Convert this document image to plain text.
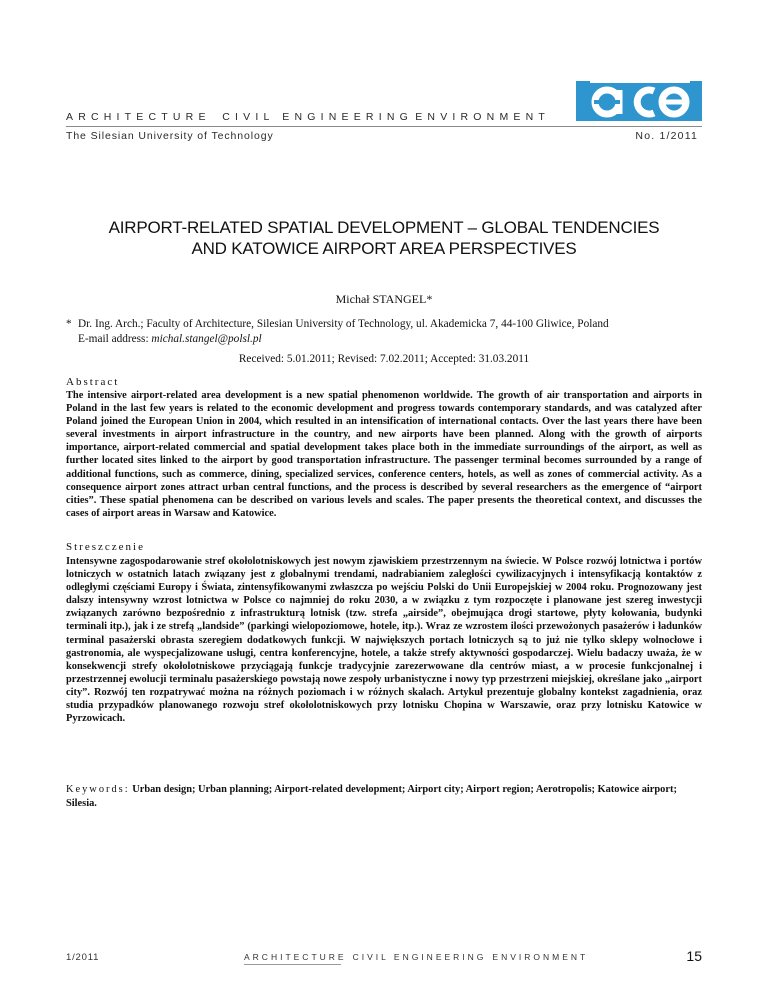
ARCHITECTURE	CIVIL ENGINEERING ENVIRONMENT
The Silesian University of Technology	No. 1/2011
AIRPORT-RELATED SPATIAL DEVELOPMENT – GLOBAL TENDENCIES
AND KATOWICE AIRPORT AREA PERSPECTIVES
Michał STANGEL*
* Dr. Ing. Arch.; Faculty of Architecture, Silesian University of Technology, ul. Akademicka 7, 44-100 Gliwice, Poland
E-mail address: michal.stangel@polsl.pl
Received: 5.01.2011; Revised: 7.02.2011; Accepted: 31.03.2011
Abstract
The intensive airport-related area development is a new spatial phenomenon worldwide. The growth of air transportation and airports in Poland in the last few years is related to the economic development and progress towards contemporary standards, and was catalyzed after Poland joined the European Union in 2004, which resulted in an intensification of international contacts. Over the last years there have been several investments in airport infrastructure in the country, and new airports have been planned. Along with the growth of airports importance, airport-related commercial and spatial development takes place both in the immediate surroundings of the airport, as well as further located sites linked to the airport by good transportation infrastructure. The passenger terminal becomes surrounded by a range of additional functions, such as commerce, dining, specialized services, conference centers, hotels, as well as zones of commercial activity. As a consequence airport zones attract urban central functions, and the process is described by several researchers as the emergence of “airport cities”. These spatial phenomena can be described on various levels and scales. The paper presents the theoretical context, and discusses the cases of airport areas in Warsaw and Katowice.
Streszczenie
Intensywne zagospodarowanie stref okołolotniskowych jest nowym zjawiskiem przestrzennym na świecie. W Polsce rozwój lotnictwa i portów lotniczych w ostatnich latach związany jest z globalnymi trendami, nadrabianiem zaległości cywilizacyjnych i intensyfikacją kontaktów z odległymi częściami Europy i Świata, zintensyfikowanymi zwłaszcza po wejściu Polski do Unii Europejskiej w 2004 roku. Prognozowany jest dalszy intensywny wzrost lotnictwa w Polsce co najmniej do roku 2030, a w związku z tym rozpoczęte i planowane jest szereg inwestycji związanych zarówno bezpośrednio z infrastrukturą lotnisk (tzw. strefa „airside”, obejmująca drogi startowe, płyty kołowania, budynki terminali itp.), jak i ze strefą „landside” (parkingi wielopoziomowe, hotele, itp.). Wraz ze wzrostem ilości przewożonych pasażerów i ładunków terminal pasażerski obrasta szeregiem dodatkowych funkcji. W największych portach lotniczych są to już nie tylko sklepy wolnocłowe i gastronomia, ale wyspecjalizowane usługi, centra konferencyjne, hotele, a także strefy aktywności gospodarczej. Wielu badaczy uważa, że w konsekwencji strefy okołolotniskowe przyciągają funkcje tradycyjnie zarezerwowane dla centrów miast, a w procesie funkcjonalnej i przestrzennej ewolucji terminalu pasażerskiego powstają nowe zespoły urbanistyczne i nowy typ przestrzeni miejskiej, określane jako „airport city”. Rozwój ten rozpatrywać można na różnych poziomach i w różnych skalach. Artykuł prezentuje globalny kontekst zagadnienia, oraz studia przypadków planowanego rozwoju stref okołolotniskowych przy lotnisku Chopina w Warszawie, oraz przy lotnisku Katowice w Pyrzowicach.
Keywords: Urban design; Urban planning; Airport-related development; Airport city; Airport region; Aerotropolis; Katowice airport; Silesia.
1/2011	ARCHITECTURE CIVIL ENGINEERING ENVIRONMENT	15
